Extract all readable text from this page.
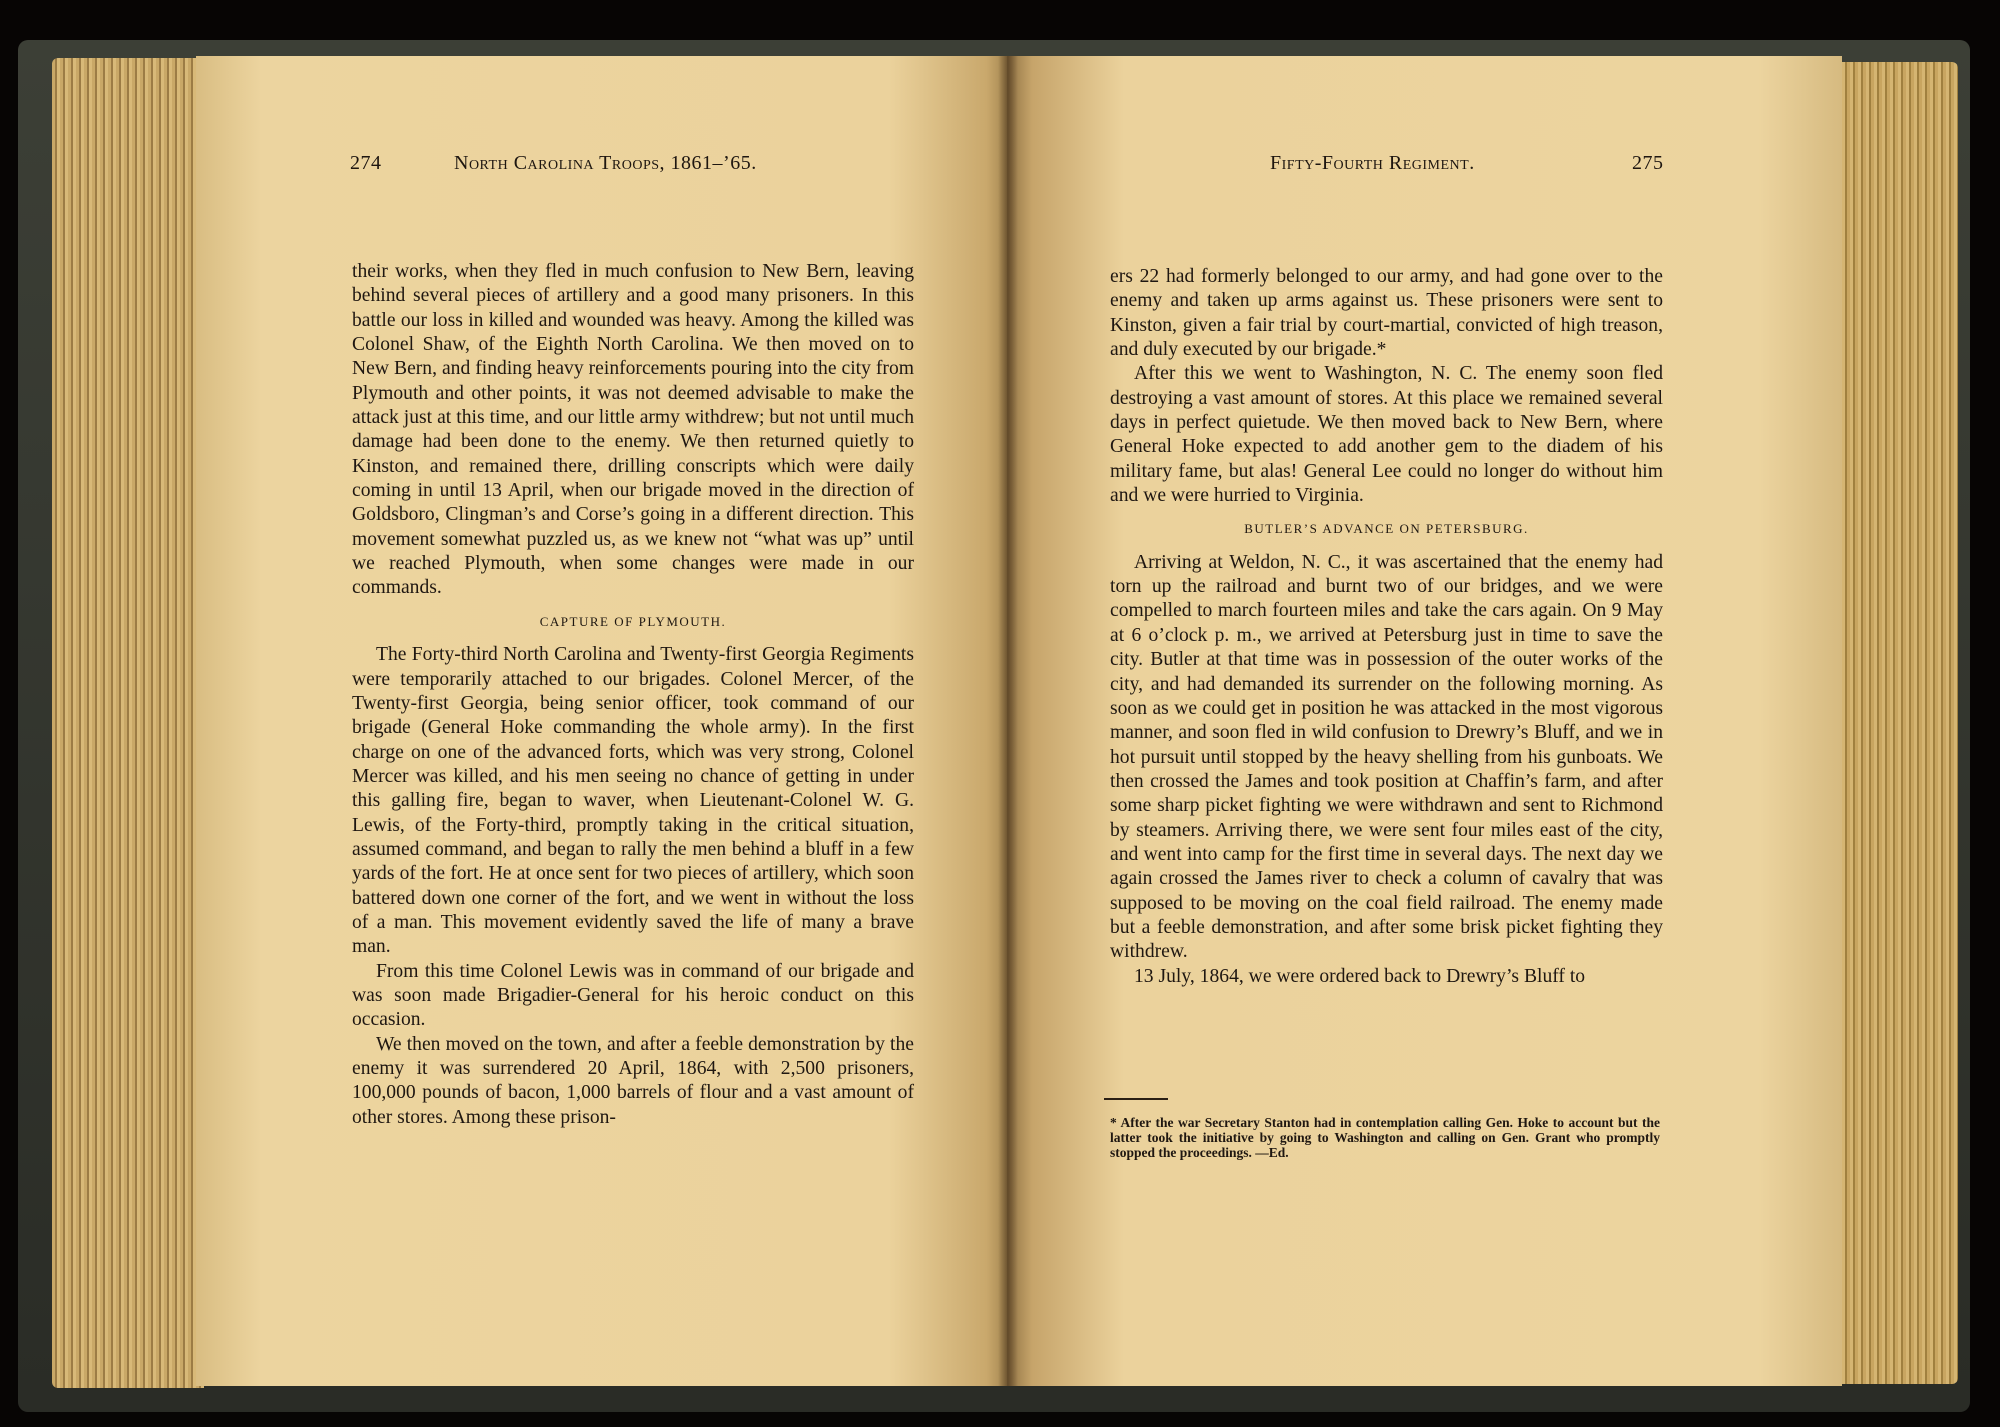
274	North Carolina Troops, 1861–’65.

their works, when they fled in much confusion to New Bern, leaving behind several pieces of artillery and a good many prisoners. In this battle our loss in killed and wounded was heavy. Among the killed was Colonel Shaw, of the Eighth North Carolina. We then moved on to New Bern, and finding heavy reinforcements pouring into the city from Plymouth and other points, it was not deemed advisable to make the attack just at this time, and our little army withdrew; but not until much damage had been done to the enemy. We then returned quietly to Kinston, and remained there, drilling conscripts which were daily coming in until 13 April, when our brigade moved in the direction of Goldsboro, Clingman’s and Corse’s going in a different direction. This movement somewhat puzzled us, as we knew not “what was up” until we reached Plymouth, when some changes were made in our commands.

CAPTURE OF PLYMOUTH.

The Forty-third North Carolina and Twenty-first Georgia Regiments were temporarily attached to our brigades. Colonel Mercer, of the Twenty-first Georgia, being senior officer, took command of our brigade (General Hoke commanding the whole army). In the first charge on one of the advanced forts, which was very strong, Colonel Mercer was killed, and his men seeing no chance of getting in under this galling fire, began to waver, when Lieutenant-Colonel W. G. Lewis, of the Forty-third, promptly taking in the critical situation, assumed command, and began to rally the men behind a bluff in a few yards of the fort. He at once sent for two pieces of artillery, which soon battered down one corner of the fort, and we went in without the loss of a man. This movement evidently saved the life of many a brave man.

From this time Colonel Lewis was in command of our brigade and was soon made Brigadier-General for his heroic conduct on this occasion.

We then moved on the town, and after a feeble demonstration by the enemy it was surrendered 20 April, 1864, with 2,500 prisoners, 100,000 pounds of bacon, 1,000 barrels of flour and a vast amount of other stores. Among these prison-

Fifty-Fourth Regiment.	275

ers 22 had formerly belonged to our army, and had gone over to the enemy and taken up arms against us. These prisoners were sent to Kinston, given a fair trial by court-martial, convicted of high treason, and duly executed by our brigade.*

After this we went to Washington, N. C. The enemy soon fled destroying a vast amount of stores. At this place we remained several days in perfect quietude. We then moved back to New Bern, where General Hoke expected to add another gem to the diadem of his military fame, but alas! General Lee could no longer do without him and we were hurried to Virginia.

BUTLER’S ADVANCE ON PETERSBURG.

Arriving at Weldon, N. C., it was ascertained that the enemy had torn up the railroad and burnt two of our bridges, and we were compelled to march fourteen miles and take the cars again. On 9 May at 6 o’clock p. m., we arrived at Petersburg just in time to save the city. Butler at that time was in possession of the outer works of the city, and had demanded its surrender on the following morning. As soon as we could get in position he was attacked in the most vigorous manner, and soon fled in wild confusion to Drewry’s Bluff, and we in hot pursuit until stopped by the heavy shelling from his gunboats. We then crossed the James and took position at Chaffin’s farm, and after some sharp picket fighting we were withdrawn and sent to Richmond by steamers. Arriving there, we were sent four miles east of the city, and went into camp for the first time in several days. The next day we again crossed the James river to check a column of cavalry that was supposed to be moving on the coal field railroad. The enemy made but a feeble demonstration, and after some brisk picket fighting they withdrew.

13 July, 1864, we were ordered back to Drewry’s Bluff to

* After the war Secretary Stanton had in contemplation calling Gen. Hoke to account but the latter took the initiative by going to Washington and calling on Gen. Grant who promptly stopped the proceedings. —Ed.
